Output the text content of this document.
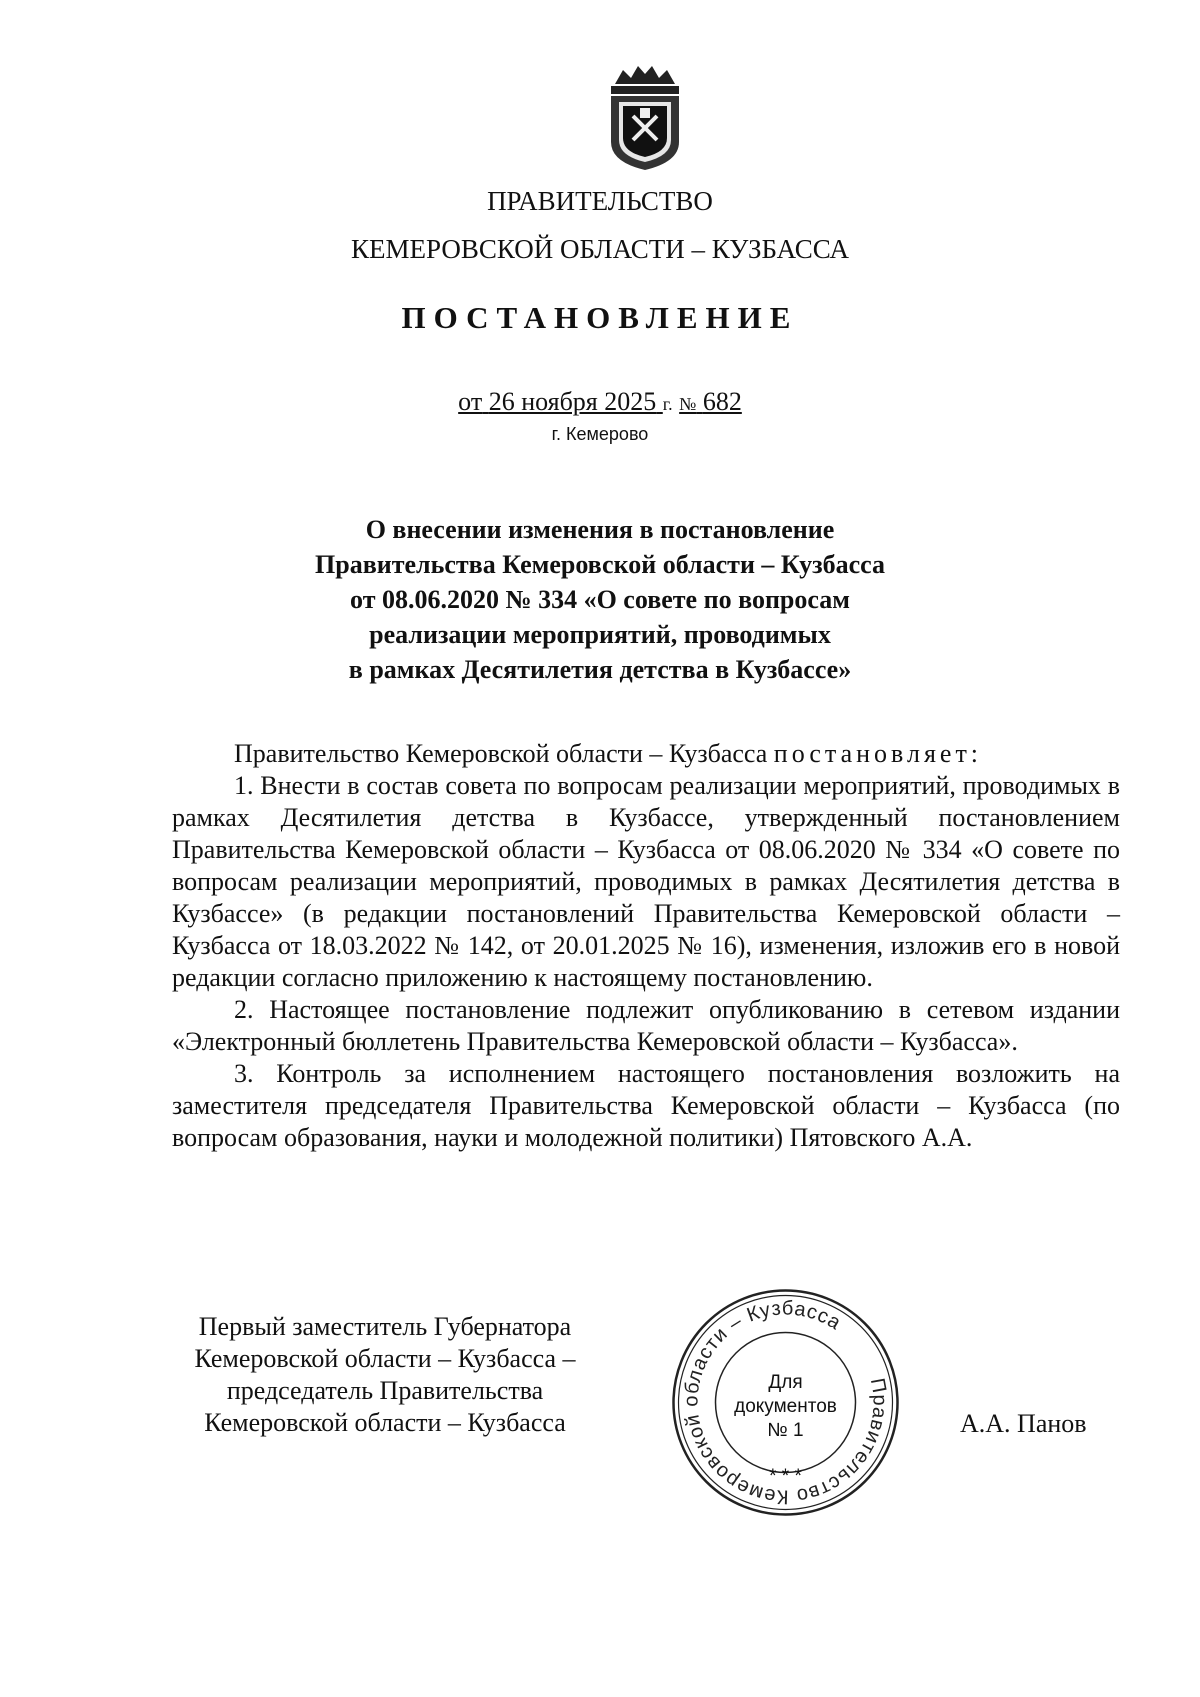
ПРАВИТЕЛЬСТВО
КЕМЕРОВСКОЙ ОБЛАСТИ – КУЗБАССА
ПОСТАНОВЛЕНИЕ
от 26 ноября 2025 г. № 682
г. Кемерово
О внесении изменения в постановление
Правительства Кемеровской области – Кузбасса
от 08.06.2020 № 334 «О совете по вопросам
реализации мероприятий, проводимых
в рамках Десятилетия детства в Кузбассе»

Правительство Кемеровской области – Кузбасса постановляет:

1. Внести в состав совета по вопросам реализации мероприятий, проводимых в рамках Десятилетия детства в Кузбассе, утвержденный постановлением Правительства Кемеровской области – Кузбасса от 08.06.2020 № 334 «О совете по вопросам реализации мероприятий, проводимых в рамках Десятилетия детства в Кузбассе» (в редакции постановлений Правительства Кемеровской области – Кузбасса от 18.03.2022 № 142, от 20.01.2025 № 16), изменения, изложив его в новой редакции согласно приложению к настоящему постановлению.

2. Настоящее постановление подлежит опубликованию в сетевом издании «Электронный бюллетень Правительства Кемеровской области – Кузбасса».

3. Контроль за исполнением настоящего постановления возложить на заместителя председателя Правительства Кемеровской области – Кузбасса (по вопросам образования, науки и молодежной политики) Пятовского А.А.

Первый заместитель Губернатора
Кемеровской области – Кузбасса –
председатель Правительства
Кемеровской области – Кузбасса
Правительство Кемеровской области – Кузбасса
Для
документов
№ 1
* * *
А.А. Панов
